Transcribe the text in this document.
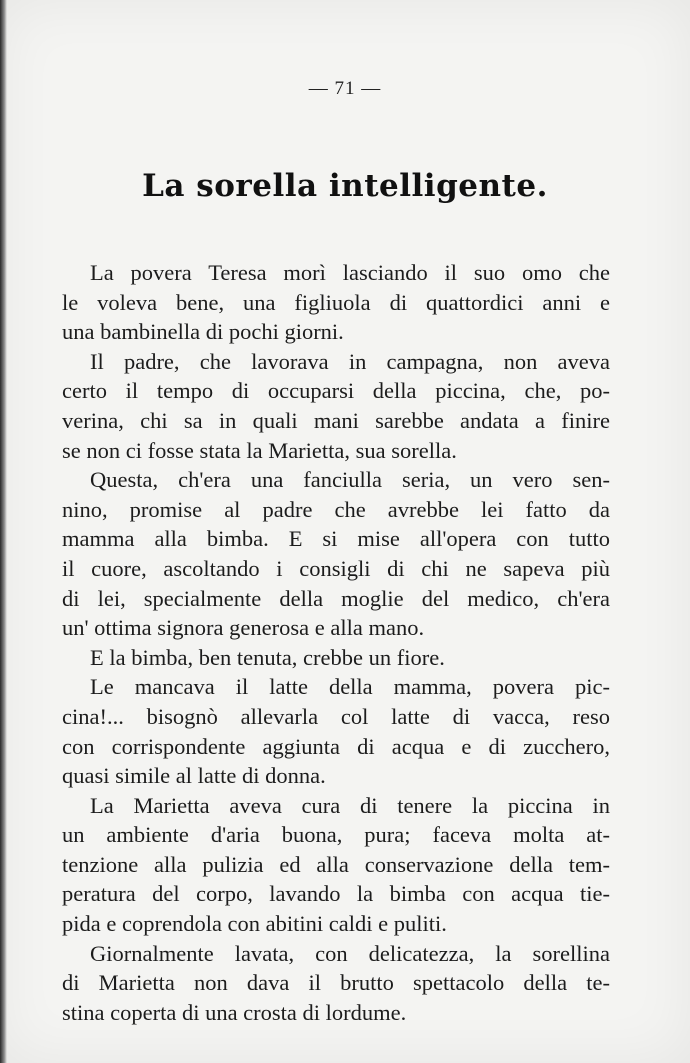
— 71 —
La sorella intelligente.
La povera Teresa morì lasciando il suo omo che
le voleva bene, una figliuola di quattordici anni e
una bambinella di pochi giorni.
Il padre, che lavorava in campagna, non aveva
certo il tempo di occuparsi della piccina, che, po-
verina, chi sa in quali mani sarebbe andata a finire
se non ci fosse stata la Marietta, sua sorella.
Questa, ch'era una fanciulla seria, un vero sen-
nino, promise al padre che avrebbe lei fatto da
mamma alla bimba. E si mise all'opera con tutto
il cuore, ascoltando i consigli di chi ne sapeva più
di lei, specialmente della moglie del medico, ch'era
un' ottima signora generosa e alla mano.
E la bimba, ben tenuta, crebbe un fiore.
Le mancava il latte della mamma, povera pic-
cina!... bisognò allevarla col latte di vacca, reso
con corrispondente aggiunta di acqua e di zucchero,
quasi simile al latte di donna.
La Marietta aveva cura di tenere la piccina in
un ambiente d'aria buona, pura; faceva molta at-
tenzione alla pulizia ed alla conservazione della tem-
peratura del corpo, lavando la bimba con acqua tie-
pida e coprendola con abitini caldi e puliti.
Giornalmente lavata, con delicatezza, la sorellina
di Marietta non dava il brutto spettacolo della te-
stina coperta di una crosta di lordume.
